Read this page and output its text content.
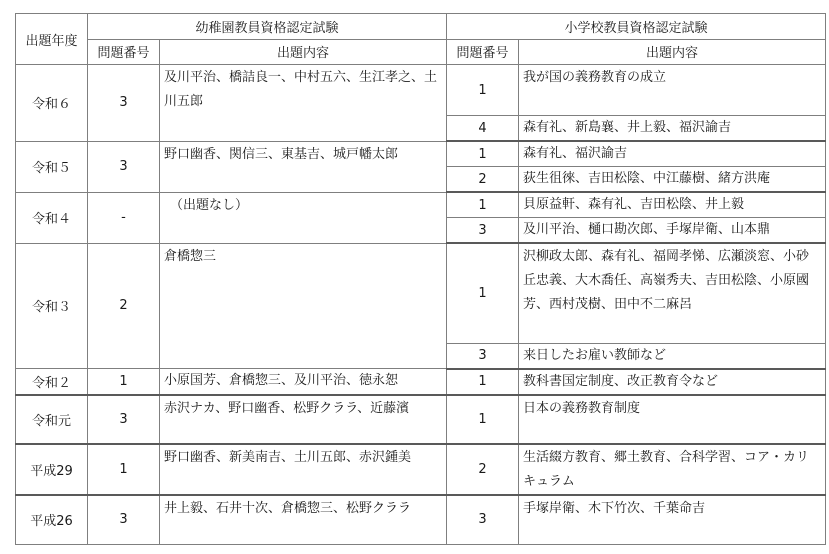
出題年度	幼稚園教員資格認定試験		小学校教員資格認定試験	
	問題番号	出題内容	問題番号	出題内容
令和６	3	及川平治、橋詰良一、中村五六、生江孝之、土川五郎	1	我が国の義務教育の成立
			4	森有礼、新島襄、井上毅、福沢諭吉
令和５	3	野口幽香、関信三、東基吉、城戸幡太郎	1	森有礼、福沢諭吉
			2	荻生徂徠、吉田松陰、中江藤樹、緒方洪庵
令和４	-	（出題なし）	1	貝原益軒、森有礼、吉田松陰、井上毅
			3	及川平治、樋口勘次郎、手塚岸衛、山本鼎
令和３	2	倉橋惣三	1	沢柳政太郎、森有礼、福岡孝悌、広瀬淡窓、小砂丘忠義、大木喬任、高嶺秀夫、吉田松陰、小原國芳、西村茂樹、田中不二麻呂
			3	来日したお雇い教師など
令和２	1	小原国芳、倉橋惣三、及川平治、徳永恕	1	教科書国定制度、改正教育令など
令和元	3	赤沢ナカ、野口幽香、松野クララ、近藤濱	1	日本の義務教育制度
平成29	1	野口幽香、新美南吉、土川五郎、赤沢鍾美	2	生活綴方教育、郷土教育、合科学習、コア・カリキュラム
平成26	3	井上毅、石井十次、倉橋惣三、松野クララ	3	手塚岸衛、木下竹次、千葉命吉
